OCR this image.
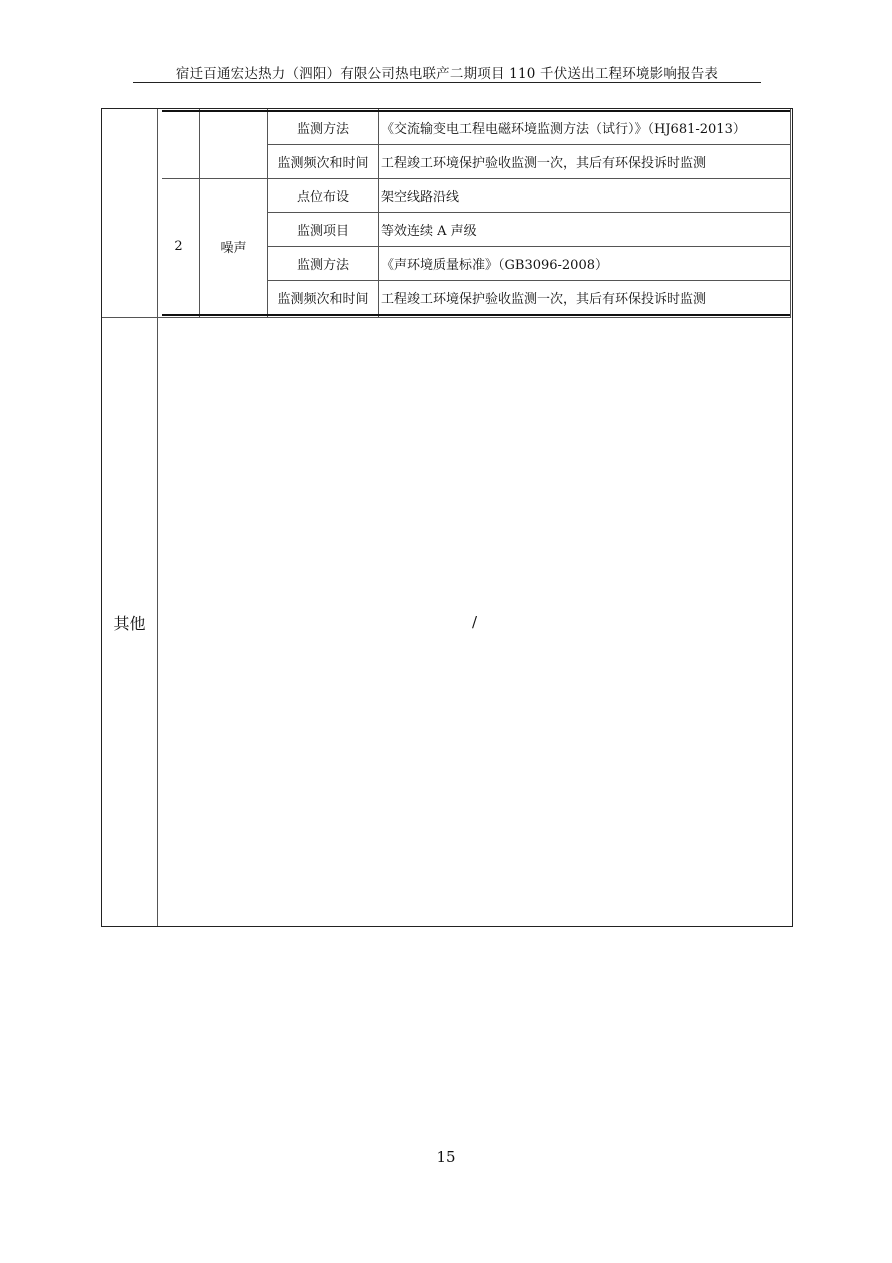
宿迁百通宏达热力（泗阳）有限公司热电联产二期项目 110 千伏送出工程环境影响报告表
监测方法	《交流输变电工程电磁环境监测方法（试行）》（HJ681-2013）
监测频次和时间 工程竣工环境保护验收监测一次，其后有环保投诉时监测
2	噪声
点位布设	架空线路沿线
监测项目	等效连续 A 声级
监测方法	《声环境质量标准》（GB3096-2008）
监测频次和时间 工程竣工环境保护验收监测一次，其后有环保投诉时监测
其他	/
15
